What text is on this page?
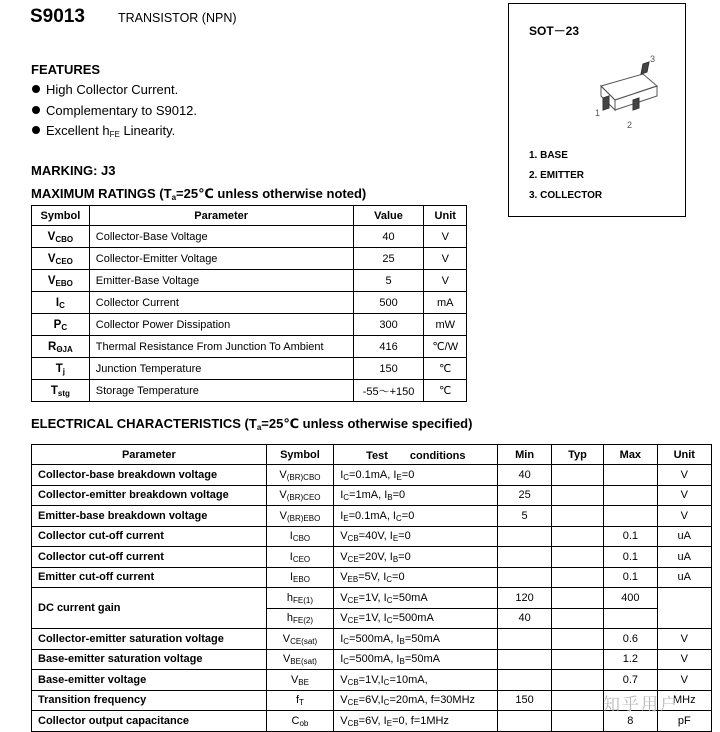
S9013	TRANSISTOR (NPN)
FEATURES
High Collector Current.
Complementary to S9012.
Excellent $h_{FE}$ Linearity.
MARKING: J3
SOT－23
3
1
2
1. BASE
2. EMITTER
3. COLLECTOR
MAXIMUM RATINGS ($T_a=25℃$ unless otherwise noted)
Symbol	Parameter	Value	Unit
$V_{CBO}$	Collector-Base Voltage	40	V
$V_{CEO}$	Collector-Emitter Voltage	25	V
$V_{EBO}$	Emitter-Base Voltage	5	V
$I_C$	Collector Current	500	mA
$P_C$	Collector Power Dissipation	300	mW
$R_{\Theta JA}$	Thermal Resistance From Junction To Ambient	416	℃/W
$T_j$	Junction Temperature	150	℃
$T_{stg}$	Storage Temperature	-55～+150	℃
ELECTRICAL CHARACTERISTICS ($T_a=25℃$ unless otherwise specified)
Parameter	Symbol	Test　　conditions	Min	Typ	Max	Unit
Collector-base breakdown voltage	$V_{(BR)CBO}$	$I_C=0.1mA$, $I_E=0$	40			V
Collector-emitter breakdown voltage	$V_{(BR)CEO}$	$I_C=1mA$, $I_B=0$	25			V
Emitter-base breakdown voltage	$V_{(BR)EBO}$	$I_E=0.1mA$, $I_C=0$	5			V
Collector cut-off current	$I_{CBO}$	$V_{CB}=40V$, $I_E=0$			0.1	uA
Collector cut-off current	$I_{CEO}$	$V_{CE}=20V$, $I_B=0$			0.1	uA
Emitter cut-off current	$I_{EBO}$	$V_{EB}=5V$, $I_C=0$			0.1	uA
DC current gain	$h_{FE(1)}$	$V_{CE}=1V$, $I_C=50mA$	120		400	
	$h_{FE(2)}$	$V_{CE}=1V$, $I_C=500mA$	40			
Collector-emitter saturation voltage	$V_{CE(sat)}$	$I_C=500mA$, $I_B=50mA$			0.6	V
Base-emitter saturation voltage	$V_{BE(sat)}$	$I_C=500mA$, $I_B=50mA$			1.2	V
Base-emitter voltage	$V_{BE}$	$V_{CB}=1V,I_C=10mA$,			0.7	V
Transition frequency	$f_T$	$V_{CE}=6V,I_C=20mA$, f=30MHz	150			MHz
Collector output capacitance	$C_{ob}$	$V_{CB}=6V$, $I_E=0$, f=1MHz			8	pF
知乎用户
